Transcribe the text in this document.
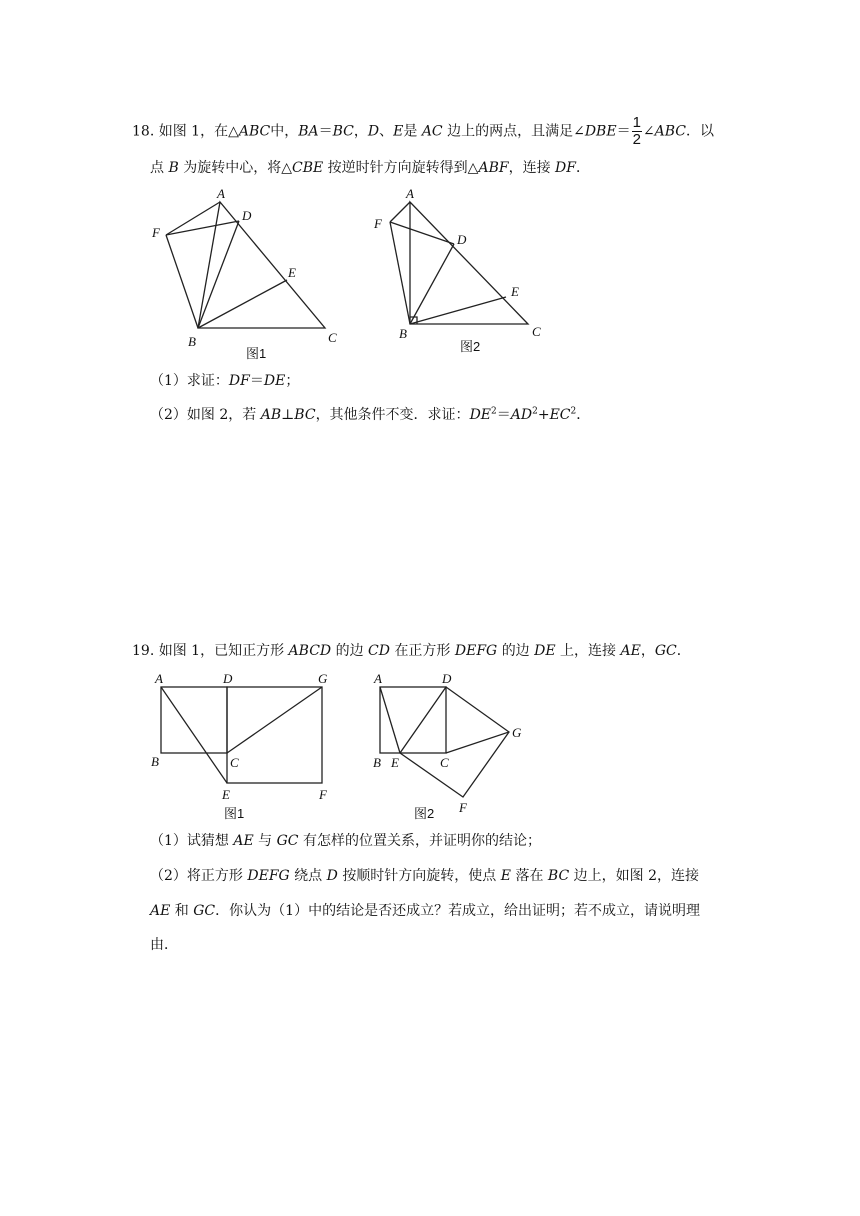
18. 如图 1，在△ABC中，BA＝BC，D、E是 AC 边上的两点，且满足∠DBE＝ $\frac{1}{2}$ ∠ABC．以
点 B 为旋转中心，将△CBE 按逆时针方向旋转得到△ABF，连接 DF．
A
D
F
E
B	C
图1
A
D
F
E
B	C
图2
（1）求证：DF＝DE；
（2）如图 2，若 AB⊥BC，其他条件不变．求证：$DE^2=AD^2+EC^2$．
19. 如图 1，已知正方形 ABCD 的边 CD 在正方形 DEFG 的边 DE 上，连接 AE，GC．
A	D	G
B	C
E	F
图1
A	D
G
B E	C
F
图2
（1）试猜想 AE 与 GC 有怎样的位置关系，并证明你的结论；
（2）将正方形 DEFG 绕点 D 按顺时针方向旋转，使点 E 落在 BC 边上，如图 2，连接
AE 和 GC．你认为（1）中的结论是否还成立？若成立，给出证明；若不成立，请说明理
由．
